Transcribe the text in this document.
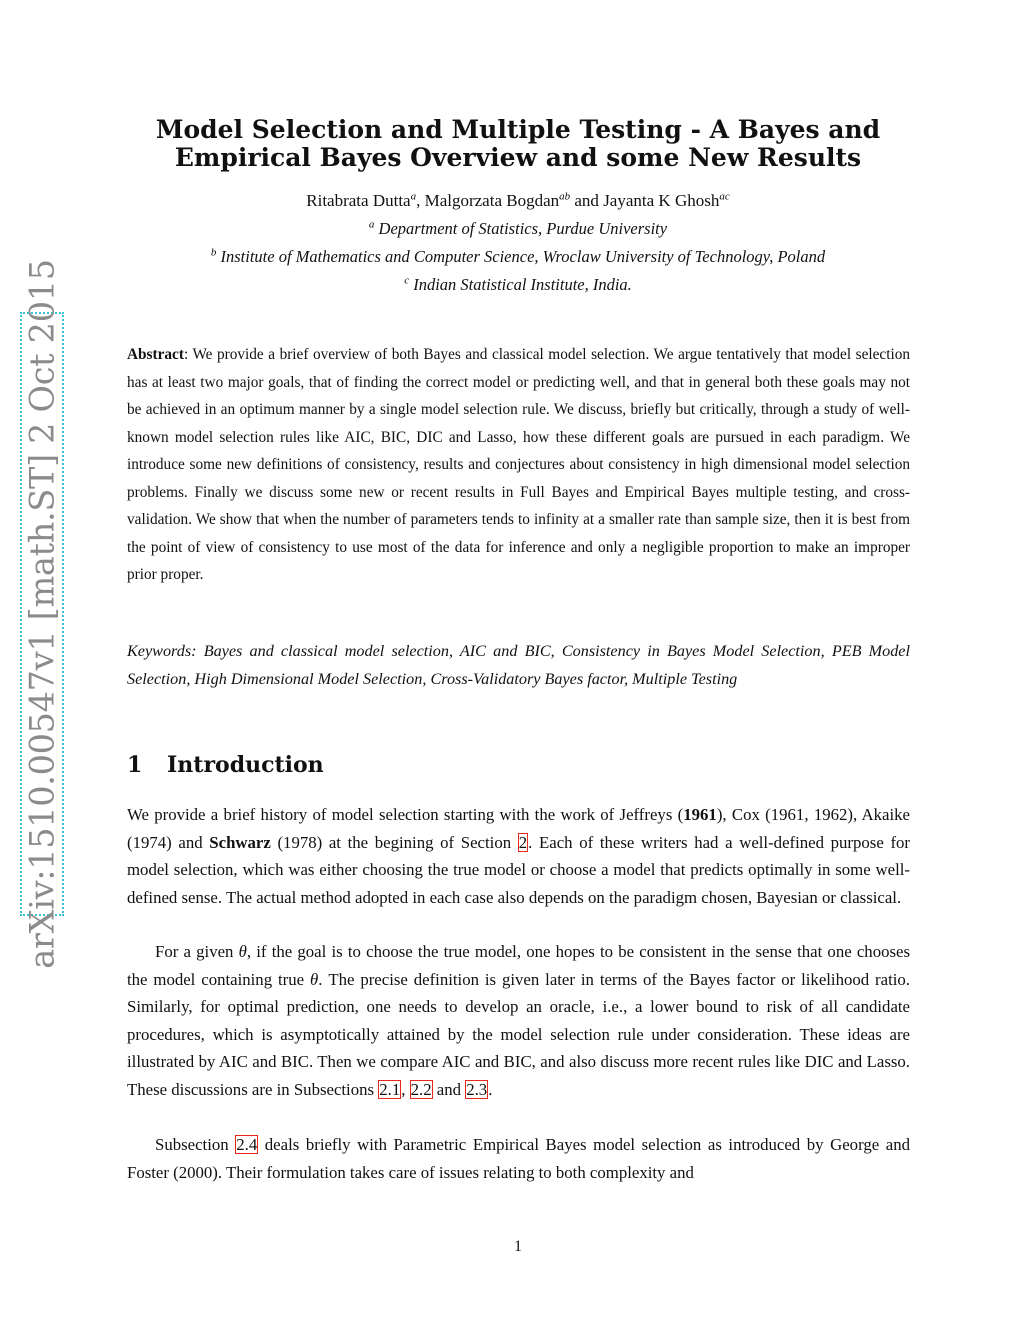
arXiv:1510.00547v1 [math.ST] 2 Oct 2015
Model Selection and Multiple Testing - A Bayes and
Empirical Bayes Overview and some New Results
Ritabrata Dutta$^a$, Malgorzata Bogdan$^{ab}$ and Jayanta K Ghosh$^{ac}$
$^a$ Department of Statistics, Purdue University
$^b$ Institute of Mathematics and Computer Science, Wroclaw University of Technology, Poland
$^c$ Indian Statistical Institute, India.
Abstract: We provide a brief overview of both Bayes and classical model selection. We argue tentatively that model selection has at least two major goals, that of finding the correct model or predicting well, and that in general both these goals may not be achieved in an optimum manner by a single model selection rule. We discuss, briefly but critically, through a study of well-known model selection rules like AIC, BIC, DIC and Lasso, how these different goals are pursued in each paradigm. We introduce some new definitions of consistency, results and conjectures about consistency in high dimensional model selection problems. Finally we discuss some new or recent results in Full Bayes and Empirical Bayes multiple testing, and cross-validation. We show that when the number of parameters tends to infinity at a smaller rate than sample size, then it is best from the point of view of consistency to use most of the data for inference and only a negligible proportion to make an improper prior proper.
Keywords: Bayes and classical model selection, AIC and BIC, Consistency in Bayes Model Selection, PEB Model Selection, High Dimensional Model Selection, Cross-Validatory Bayes factor, Multiple Testing
1 Introduction
We provide a brief history of model selection starting with the work of Jeffreys (1961), Cox (1961, 1962), Akaike (1974) and Schwarz (1978) at the begining of Section 2. Each of these writers had a well-defined purpose for model selection, which was either choosing the true model or choose a model that predicts optimally in some well-defined sense. The actual method adopted in each case also depends on the paradigm chosen, Bayesian or classical.
For a given θ, if the goal is to choose the true model, one hopes to be consistent in the sense that one chooses the model containing true θ. The precise definition is given later in terms of the Bayes factor or likelihood ratio. Similarly, for optimal prediction, one needs to develop an oracle, i.e., a lower bound to risk of all candidate procedures, which is asymptotically attained by the model selection rule under consideration. These ideas are illustrated by AIC and BIC. Then we compare AIC and BIC, and also discuss more recent rules like DIC and Lasso. These discussions are in Subsections 2.1, 2.2 and 2.3.
Subsection 2.4 deals briefly with Parametric Empirical Bayes model selection as introduced by George and Foster (2000). Their formulation takes care of issues relating to both complexity and
1
